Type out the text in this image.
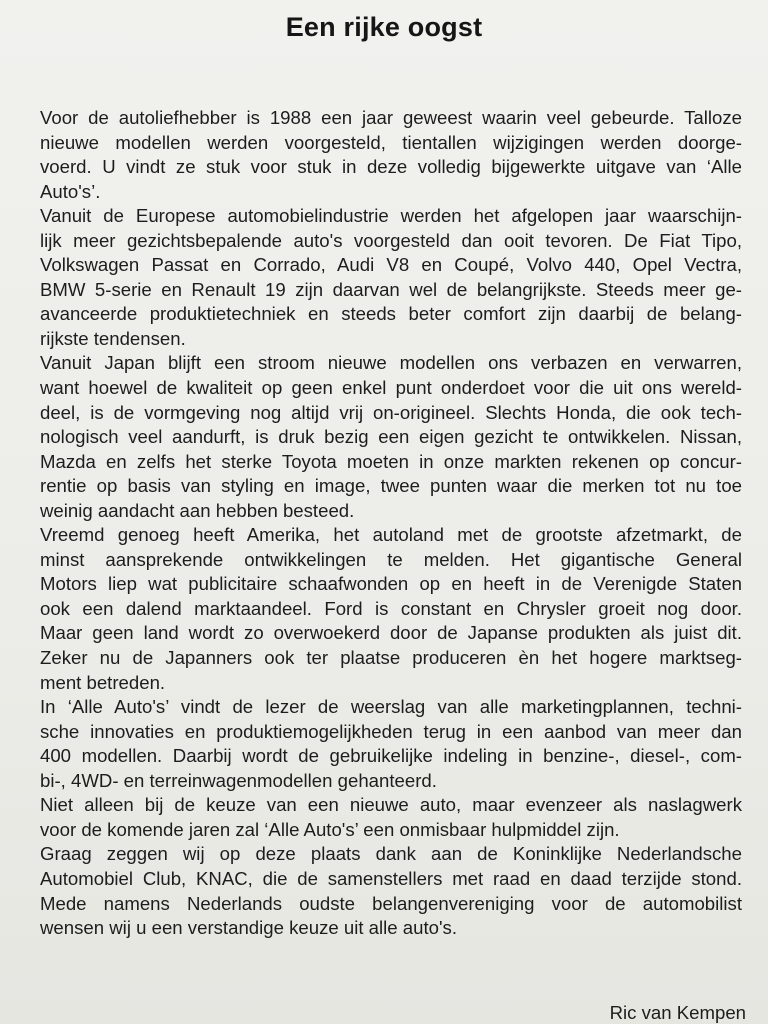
Een rijke oogst
Voor de autoliefhebber is 1988 een jaar geweest waarin veel gebeurde. Talloze
nieuwe modellen werden voorgesteld, tientallen wijzigingen werden doorge-
voerd. U vindt ze stuk voor stuk in deze volledig bijgewerkte uitgave van ‘Alle
Auto's’.
Vanuit de Europese automobielindustrie werden het afgelopen jaar waarschijn-
lijk meer gezichtsbepalende auto's voorgesteld dan ooit tevoren. De Fiat Tipo,
Volkswagen Passat en Corrado, Audi V8 en Coupé, Volvo 440, Opel Vectra,
BMW 5-serie en Renault 19 zijn daarvan wel de belangrijkste. Steeds meer ge-
avanceerde produktietechniek en steeds beter comfort zijn daarbij de belang-
rijkste tendensen.
Vanuit Japan blijft een stroom nieuwe modellen ons verbazen en verwarren,
want hoewel de kwaliteit op geen enkel punt onderdoet voor die uit ons wereld-
deel, is de vormgeving nog altijd vrij on-origineel. Slechts Honda, die ook tech-
nologisch veel aandurft, is druk bezig een eigen gezicht te ontwikkelen. Nissan,
Mazda en zelfs het sterke Toyota moeten in onze markten rekenen op concur-
rentie op basis van styling en image, twee punten waar die merken tot nu toe
weinig aandacht aan hebben besteed.
Vreemd genoeg heeft Amerika, het autoland met de grootste afzetmarkt, de
minst aansprekende ontwikkelingen te melden. Het gigantische General
Motors liep wat publicitaire schaafwonden op en heeft in de Verenigde Staten
ook een dalend marktaandeel. Ford is constant en Chrysler groeit nog door.
Maar geen land wordt zo overwoekerd door de Japanse produkten als juist dit.
Zeker nu de Japanners ook ter plaatse produceren èn het hogere marktseg-
ment betreden.
In ‘Alle Auto's’ vindt de lezer de weerslag van alle marketingplannen, techni-
sche innovaties en produktiemogelijkheden terug in een aanbod van meer dan
400 modellen. Daarbij wordt de gebruikelijke indeling in benzine-, diesel-, com-
bi-, 4WD- en terreinwagenmodellen gehanteerd.
Niet alleen bij de keuze van een nieuwe auto, maar evenzeer als naslagwerk
voor de komende jaren zal ‘Alle Auto's’ een onmisbaar hulpmiddel zijn.
Graag zeggen wij op deze plaats dank aan de Koninklijke Nederlandsche
Automobiel Club, KNAC, die de samenstellers met raad en daad terzijde stond.
Mede namens Nederlands oudste belangenvereniging voor de automobilist
wensen wij u een verstandige keuze uit alle auto's.
Ric van Kempen
